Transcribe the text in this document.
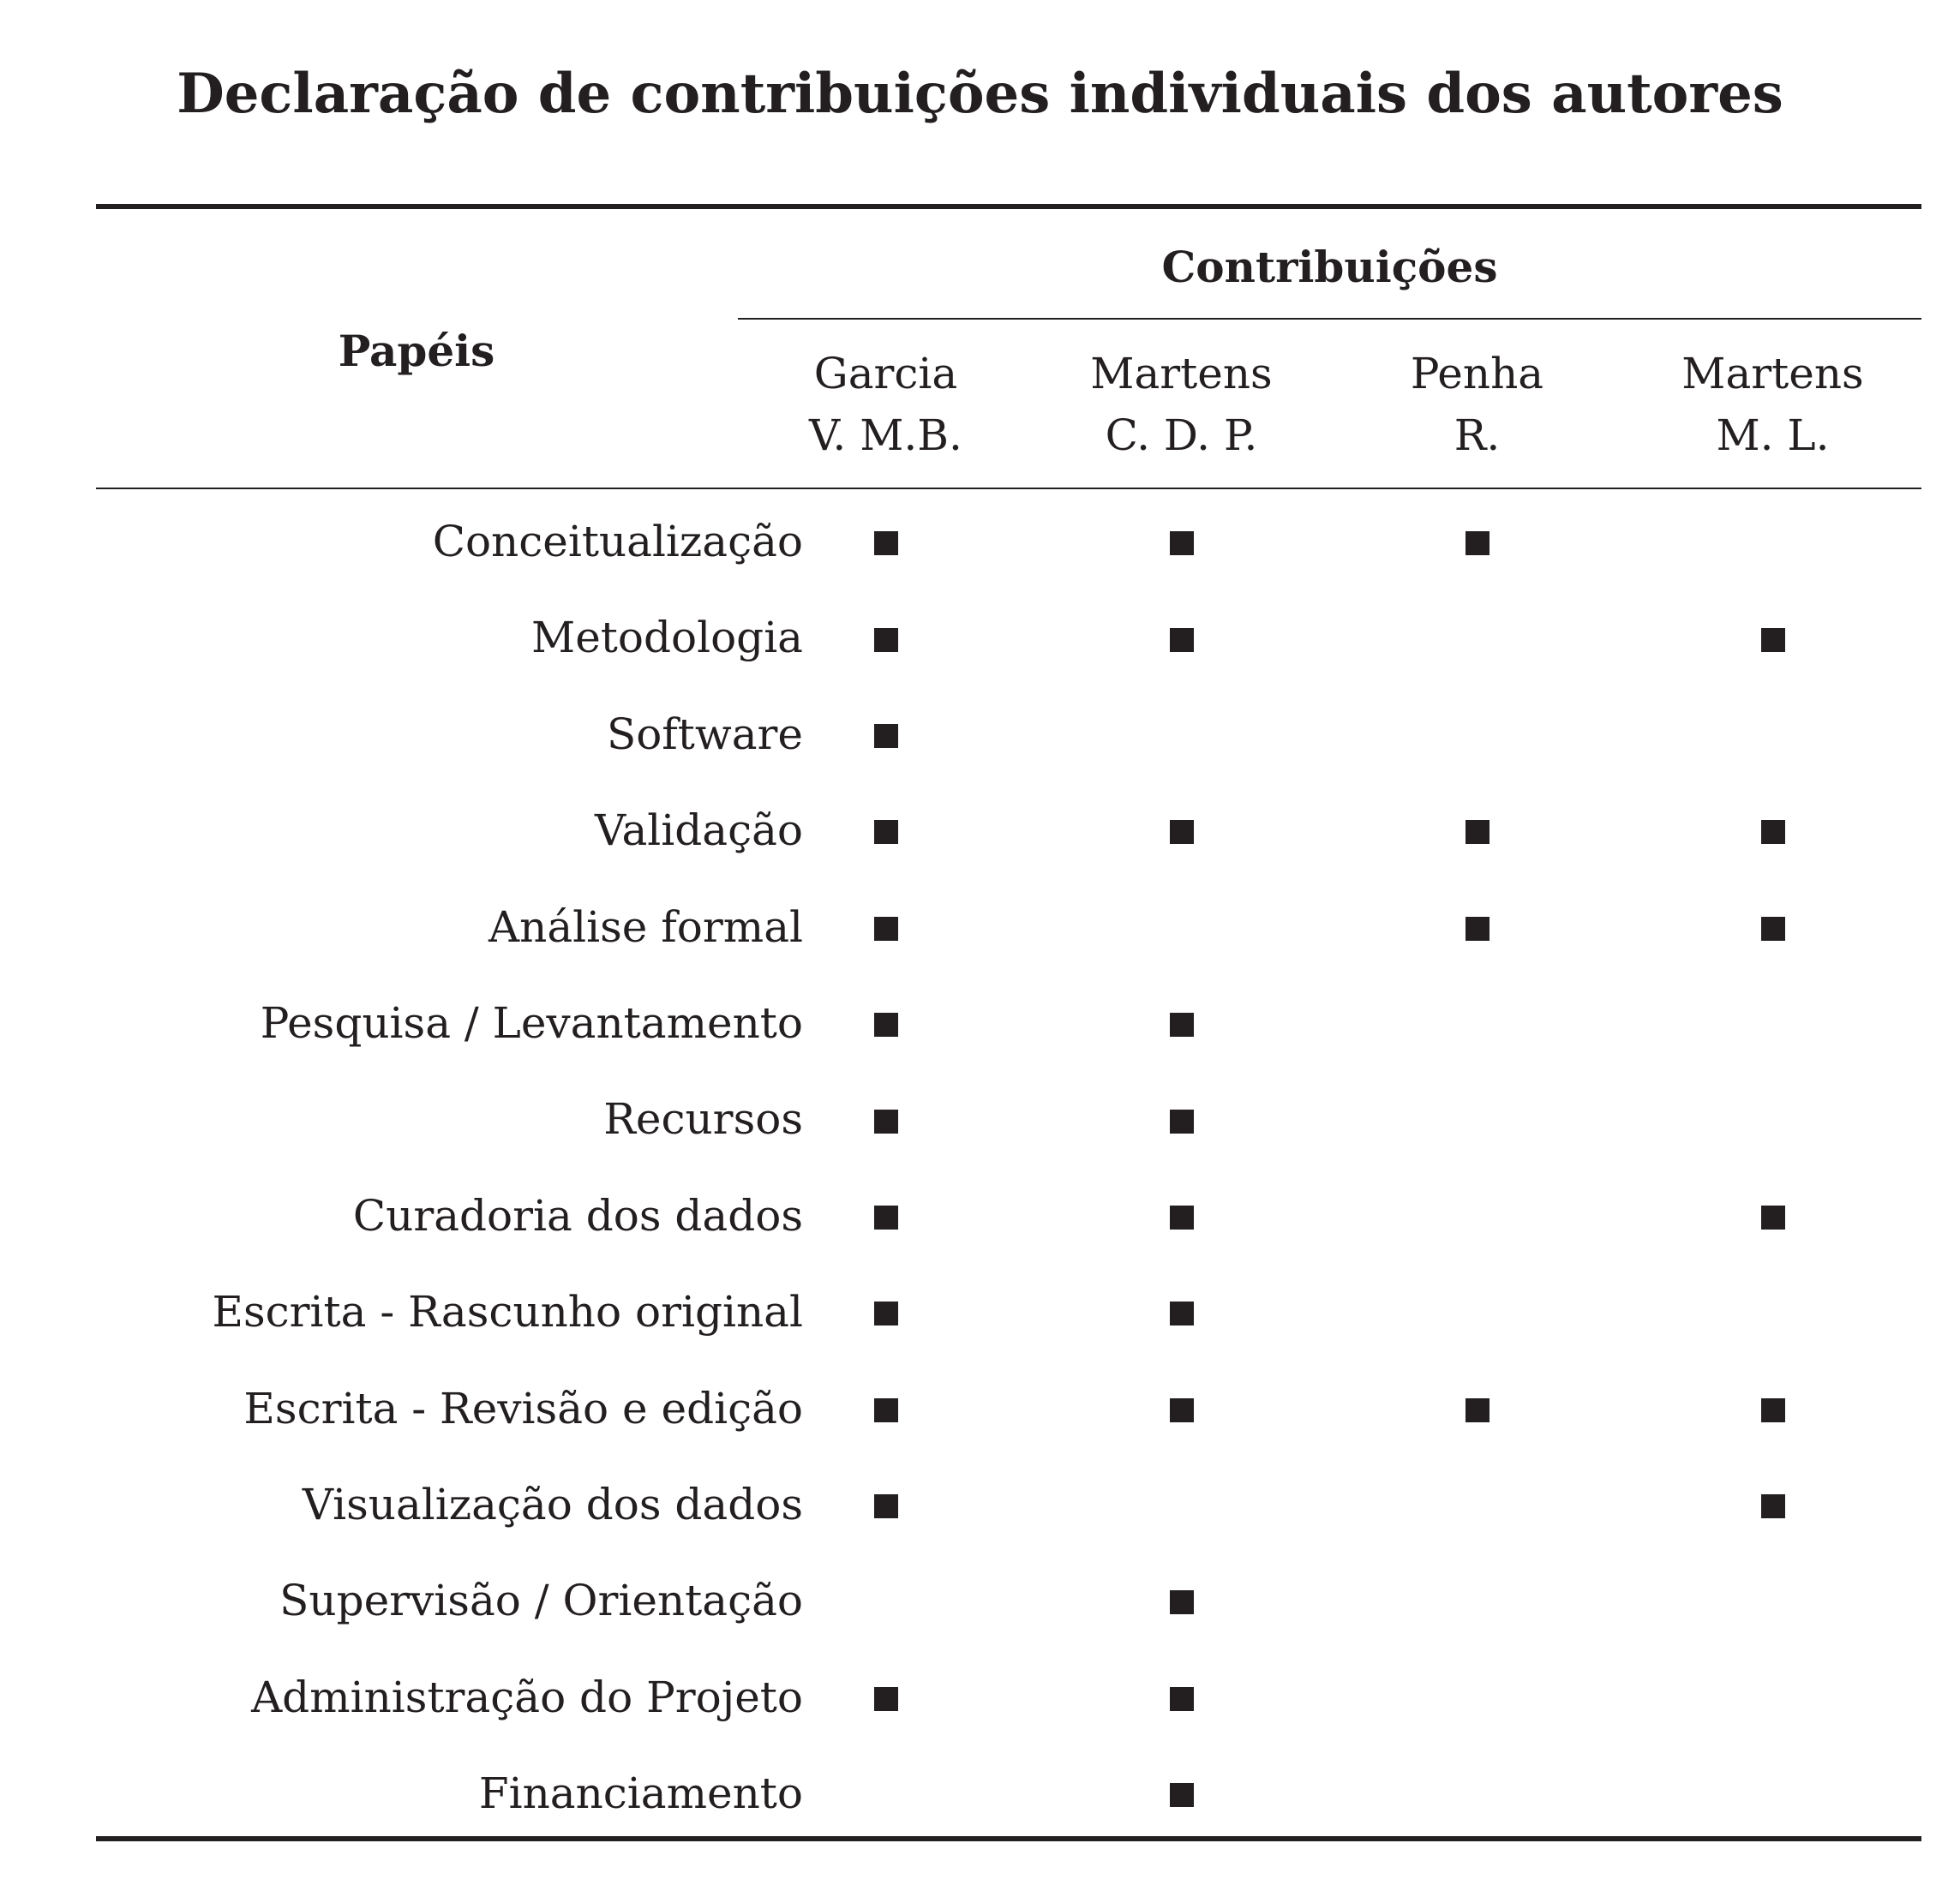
Declaração de contribuições individuais dos autores
Contribuições
Papéis	Garcia
V. M.B.
Martens
C. D. P.
Penha
R.
Martens
M. L.
Conceitualização
Metodologia
Software
Validação
Análise formal
Pesquisa / Levantamento
Recursos
Curadoria dos dados
Escrita - Rascunho original
Escrita - Revisão e edição
Visualização dos dados
Supervisão / Orientação
Administração do Projeto
Financiamento
